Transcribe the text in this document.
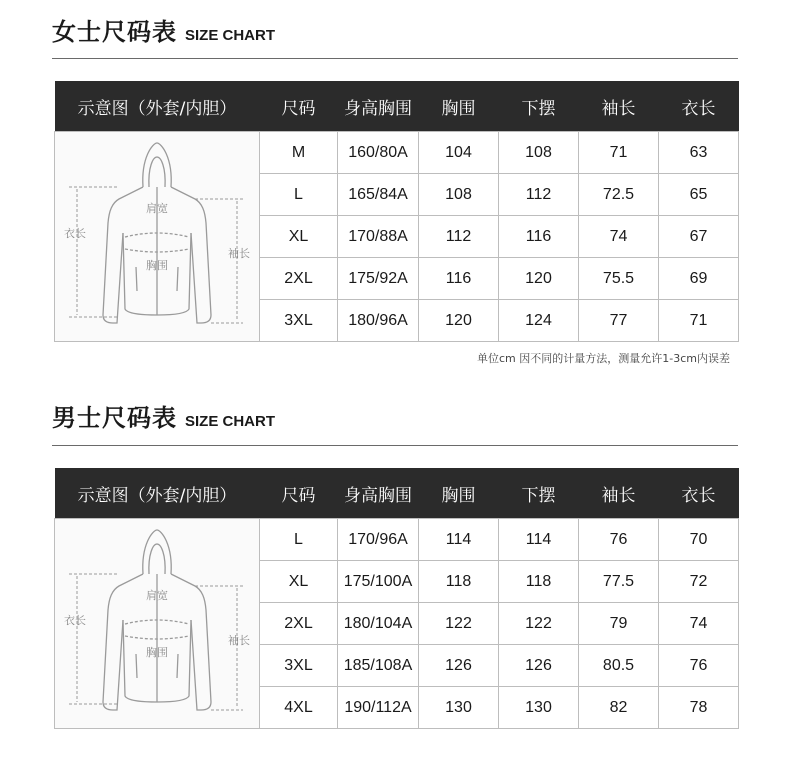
女士尺码表 SIZE CHART
示意图（外套/内胆）	尺码	身高胸围	胸围	下摆	袖长	衣长

衣长
袖长
肩宽
胸围	M	160/80A	104	108	71	63
	L	165/84A	108	112	72.5	65
	XL	170/88A	112	116	74	67
	2XL	175/92A	116	120	75.5	69
	3XL	180/96A	120	124	77	71
单位cm 因不同的计量方法，测量允许1-3cm内误差
男士尺码表 SIZE CHART
示意图（外套/内胆）	尺码	身高胸围	胸围	下摆	袖长	衣长

衣长
袖长
肩宽
胸围	L	170/96A	114	114	76	70
	XL	175/100A	118	118	77.5	72
	2XL	180/104A	122	122	79	74
	3XL	185/108A	126	126	80.5	76
	4XL	190/112A	130	130	82	78
